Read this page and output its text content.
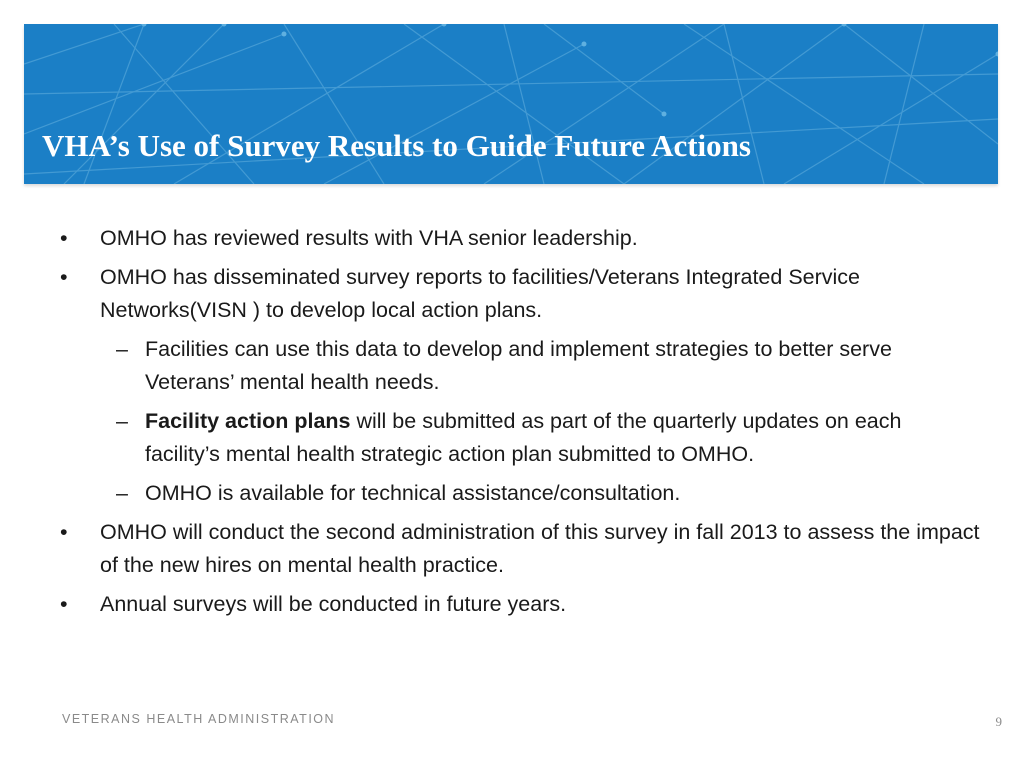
VHA’s Use of Survey Results to Guide Future Actions
• OMHO has reviewed results with VHA senior leadership.
• OMHO has disseminated survey reports to facilities/Veterans Integrated Service Networks(VISN ) to develop local action plans.
– Facilities can use this data to develop and implement strategies to better serve Veterans’ mental health needs.
– Facility action plans will be submitted as part of the quarterly updates on each facility’s mental health strategic action plan submitted to OMHO.
– OMHO is available for technical assistance/consultation.
• OMHO will conduct the second administration of this survey in fall 2013 to assess the impact of the new hires on mental health practice.
• Annual surveys will be conducted in future years.
VETERANS HEALTH ADMINISTRATION	9
